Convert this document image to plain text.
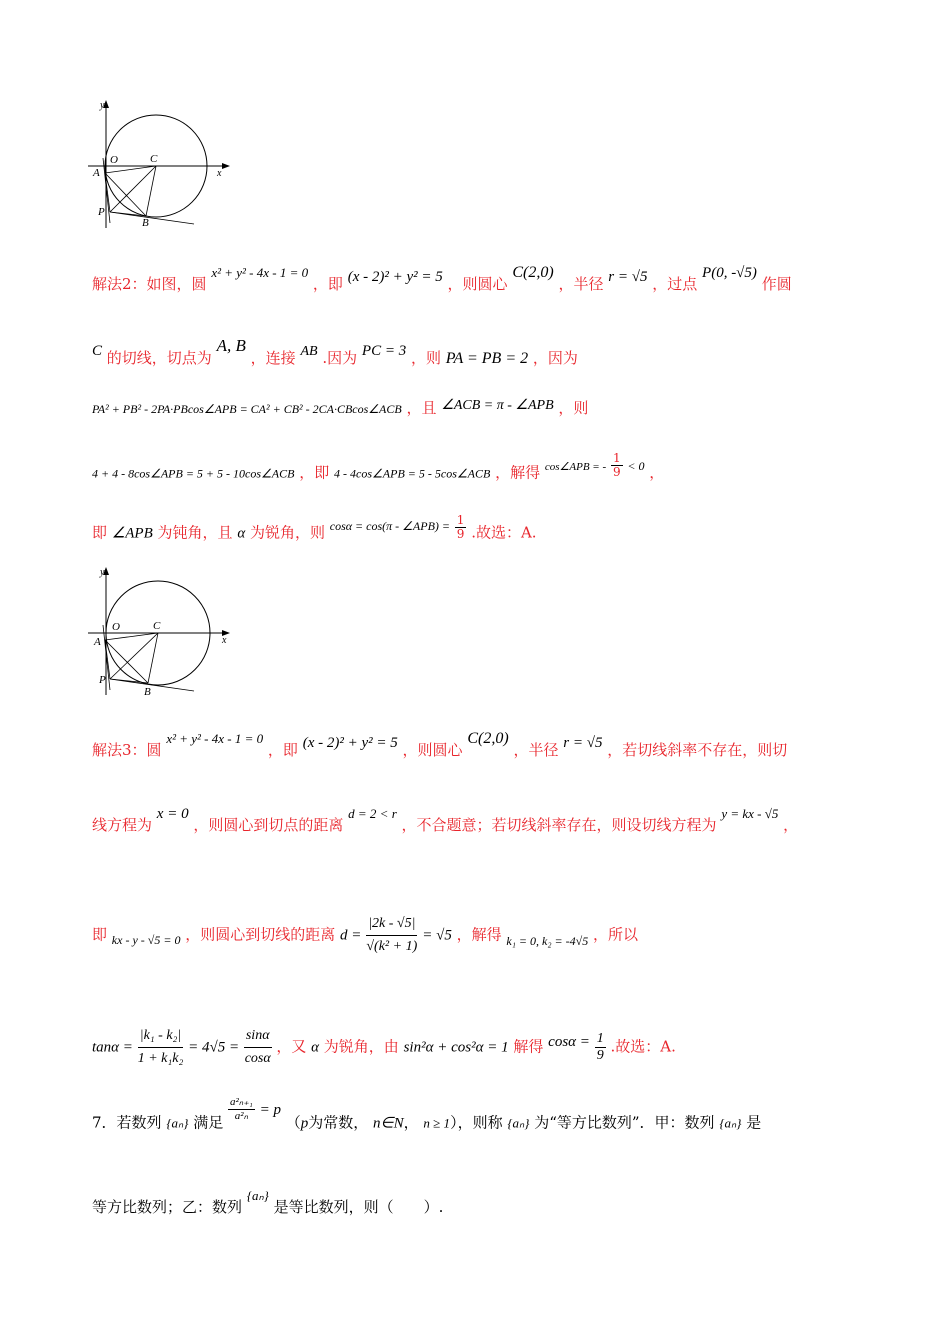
y
x
O	C
A
P
B
解法2：如图，圆 x² + y² - 4x - 1 = 0 ，即 (x - 2)² + y² = 5 ，则圆心 C(2,0) ，半径 r = √5 ，过点 P(0, -√5) 作圆
C 的切线，切点为 A, B ，连接 AB .因为 PC = 3 ，则 PA = PB = 2 ，因为
PA² + PB² - 2PA·PBcos∠APB = CA² + CB² - 2CA·CBcos∠ACB ，且 ∠ACB = π - ∠APB ，则
4 + 4 - 8cos∠APB = 5 + 5 - 10cos∠ACB ，即 4 - 4cos∠APB = 5 - 5cos∠ACB ，解得 $^{cos\angle APB = -} \frac{1}{9} ^{< 0}$ ，
即 ∠APB 为钝角，且 α 为锐角，则 $^{cos\alpha = cos(\pi - \angle APB) =} \frac{1}{9}$ .故选：A.
y
x
O	C
A
P
B
解法3：圆 x² + y² - 4x - 1 = 0 ，即 (x - 2)² + y² = 5 ，则圆心 C(2,0) ，半径 r = √5 ，若切线斜率不存在，则切
线方程为 x = 0 ，则圆心到切点的距离 d = 2 < r ，不合题意；若切线斜率存在，则设切线方程为 y = kx - √5 ，
即 $_{kx - y - √5 = 0}$ ，则圆心到切线的距离 $d = \frac{|2k - √5|}{\text{√(k² + 1)}} = √5$ ，解得 $_{k_1 = 0, k_2 = -4√5}$ ，所以
$\tan\alpha = \frac{\text{|k₁ - k₂|}}{\text{1 + k₁k₂}} = 4√5 = \frac{\sin\alpha}{\cos\alpha}$ ，又 α 为锐角，由 sin²α + cos²α = 1 解得 $\cos\alpha = \frac{1}{9}$ .故选：A.
7．若数列 {aₙ} 满足 $\frac{\text{a²ₙ₊₁}}{\text{a²ₙ}} = p$ （p为常数， n∈N， n ≥ 1），则称 {aₙ} 为“等方比数列”．甲：数列 {aₙ} 是
等方比数列；乙：数列 {aₙ} 是等比数列，则（　　）.
